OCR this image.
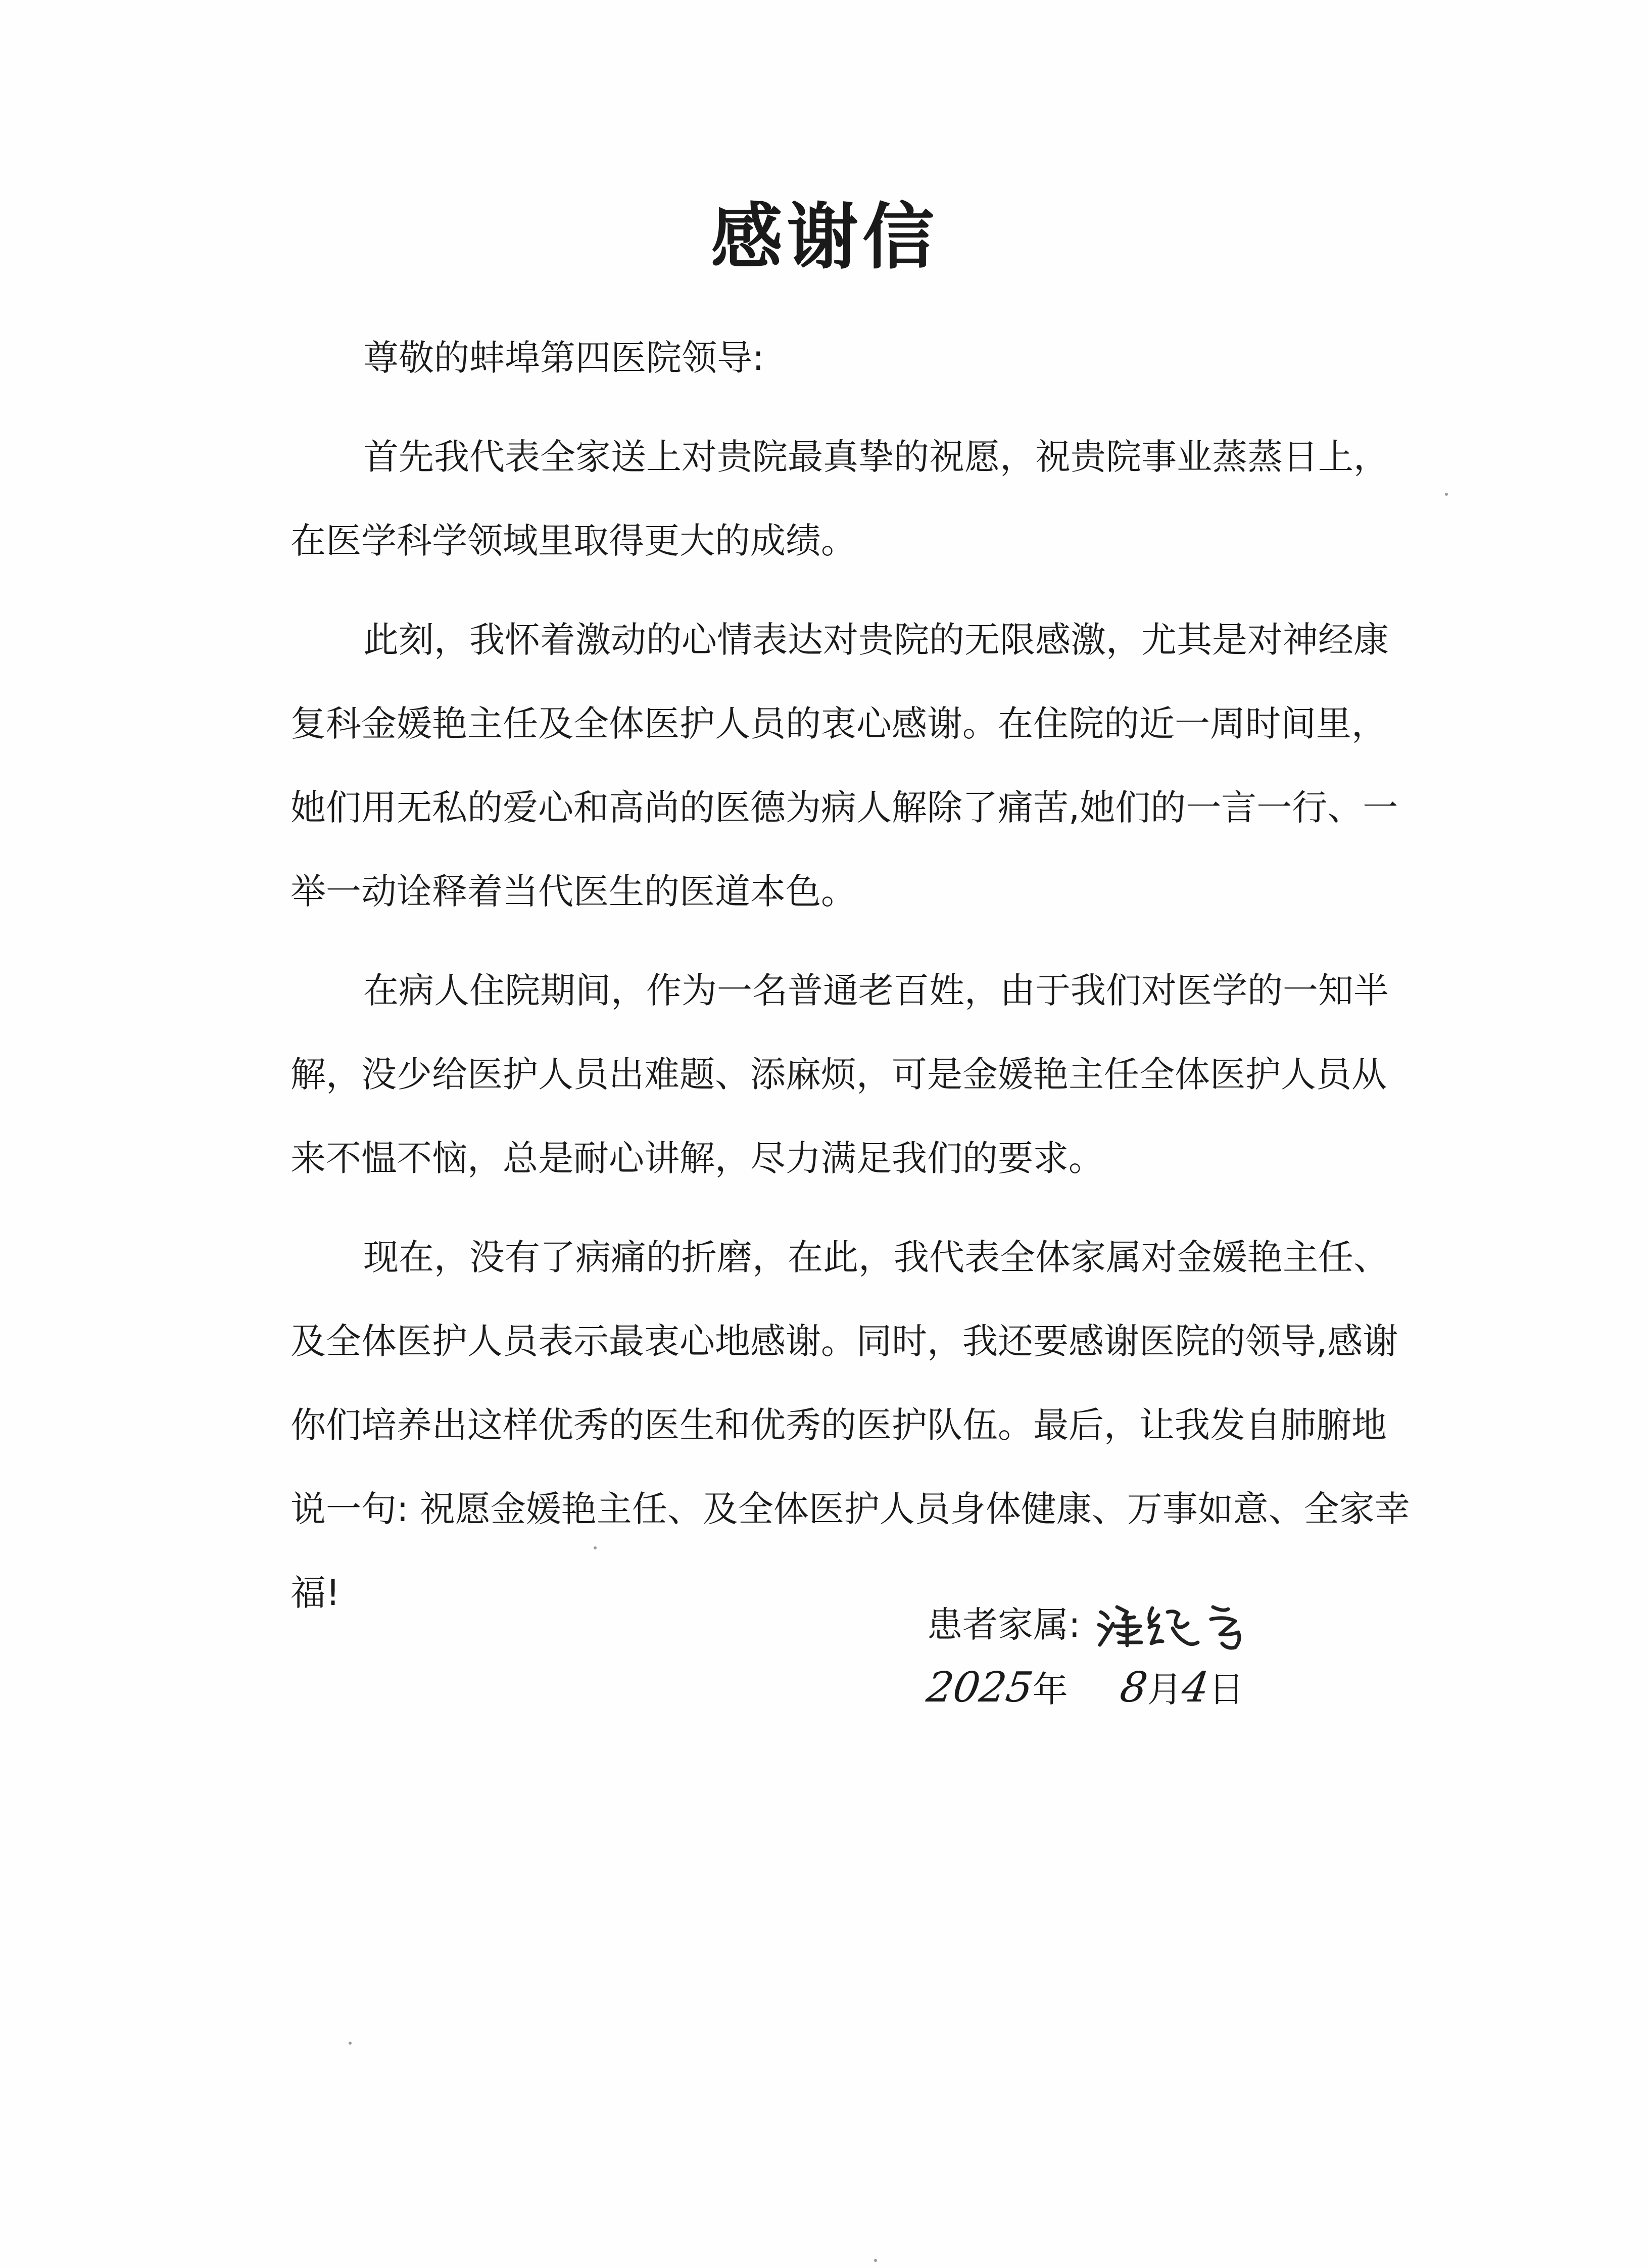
感谢信

尊敬的蚌埠第四医院领导:

首先我代表全家送上对贵院最真挚的祝愿，祝贵院事业蒸蒸日上，在医学科学领域里取得更大的成绩。

此刻，我怀着激动的心情表达对贵院的无限感激，尤其是对神经康复科金媛艳主任及全体医护人员的衷心感谢。在住院的近一周时间里，她们用无私的爱心和高尚的医德为病人解除了痛苦,她们的一言一行、一举一动诠释着当代医生的医道本色。

在病人住院期间，作为一名普通老百姓，由于我们对医学的一知半解，没少给医护人员出难题、添麻烦，可是金媛艳主任全体医护人员从来不愠不恼，总是耐心讲解，尽力满足我们的要求。

现在，没有了病痛的折磨，在此，我代表全体家属对金媛艳主任、及全体医护人员表示最衷心地感谢。同时，我还要感谢医院的领导,感谢你们培养出这样优秀的医生和优秀的医护队伍。最后，让我发自肺腑地说一句: 祝愿金媛艳主任、及全体医护人员身体健康、万事如意、全家幸福!

患者家属:
2025年 8月4日
